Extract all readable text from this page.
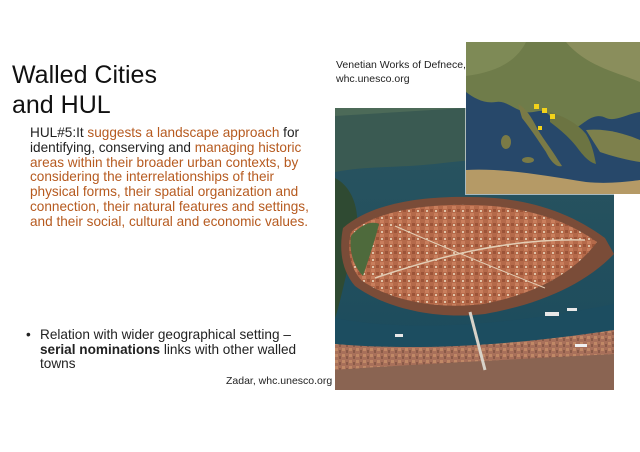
Walled Cities
and HUL
HUL#5:It suggests a landscape approach for identifying, conserving and managing historic areas within their broader urban contexts, by considering the interrelationships of their physical forms, their spatial organization and connection, their natural features and settings, and their social, cultural and economic values.
• Relation with wider geographical setting – serial nominations links with other walled towns
Venetian Works of Defnece, whc.unesco.org
Zadar, whc.unesco.org
